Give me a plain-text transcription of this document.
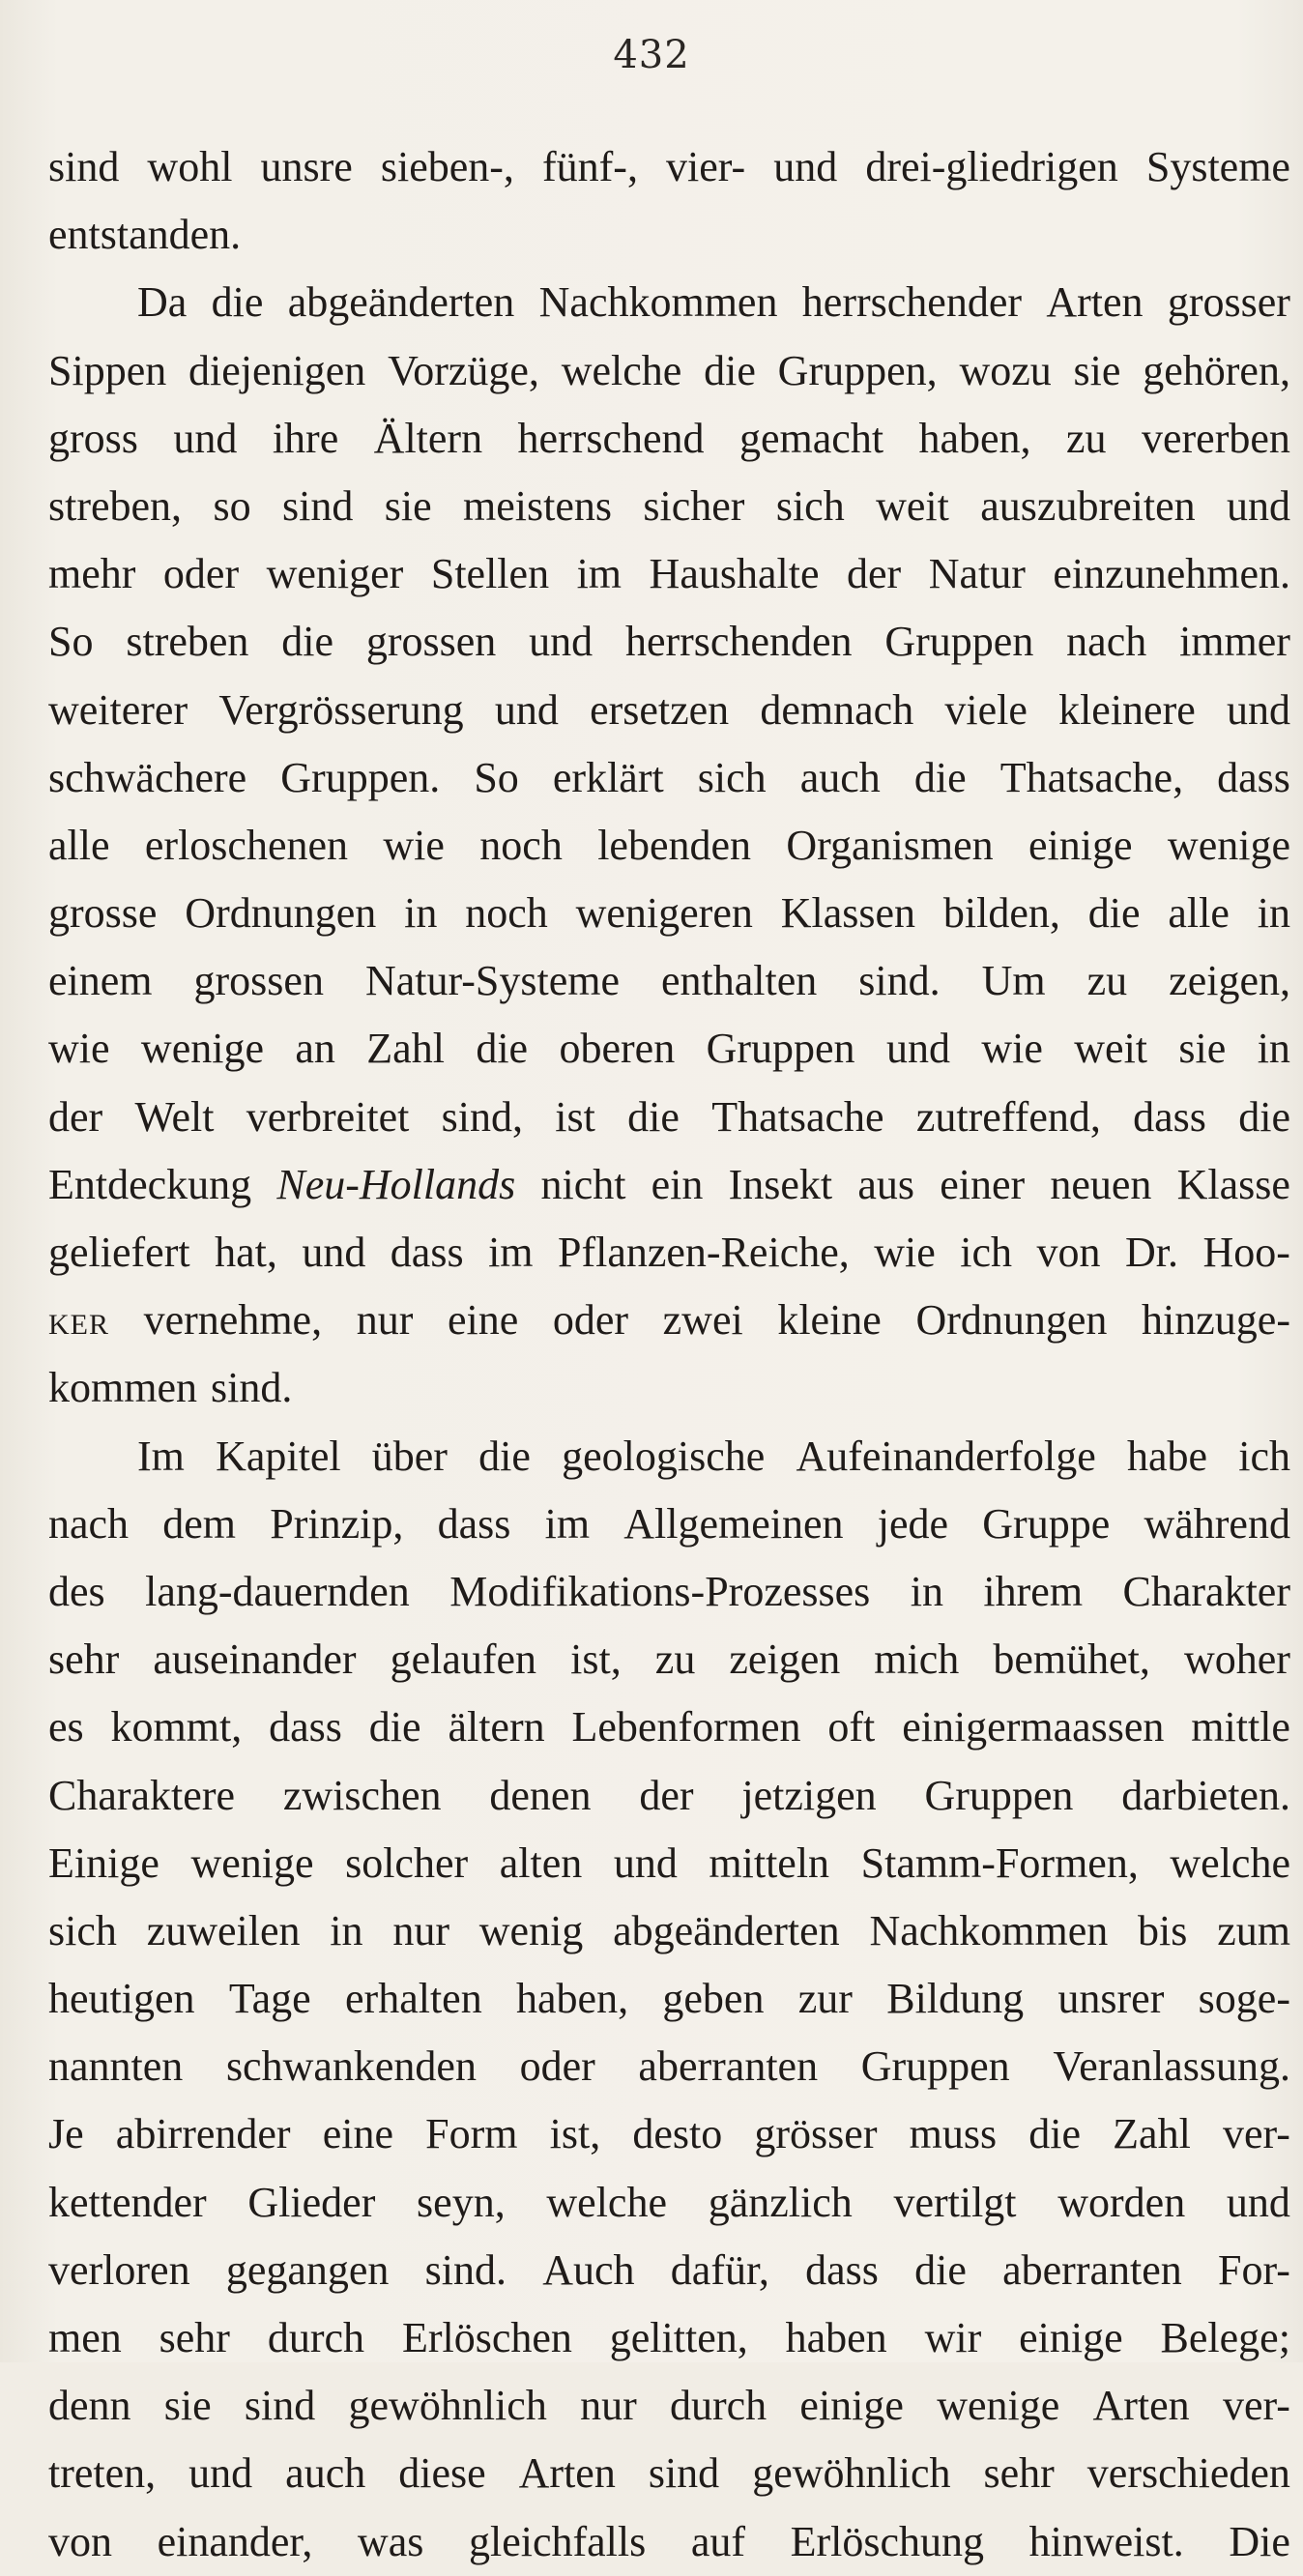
432
sind wohl unsre sieben-, fünf-, vier- und drei-gliedrigen Systeme
entstanden.
Da die abgeänderten Nachkommen herrschender Arten grosser
Sippen diejenigen Vorzüge, welche die Gruppen, wozu sie gehören,
gross und ihre Ältern herrschend gemacht haben, zu vererben
streben, so sind sie meistens sicher sich weit auszubreiten und
mehr oder weniger Stellen im Haushalte der Natur einzunehmen.
So streben die grossen und herrschenden Gruppen nach immer
weiterer Vergrösserung und ersetzen demnach viele kleinere und
schwächere Gruppen. So erklärt sich auch die Thatsache, dass
alle erloschenen wie noch lebenden Organismen einige wenige
grosse Ordnungen in noch wenigeren Klassen bilden, die alle in
einem grossen Natur-Systeme enthalten sind. Um zu zeigen,
wie wenige an Zahl die oberen Gruppen und wie weit sie in
der Welt verbreitet sind, ist die Thatsache zutreffend, dass die
Entdeckung Neu-Hollands nicht ein Insekt aus einer neuen Klasse
geliefert hat, und dass im Pflanzen-Reiche, wie ich von Dr. Hoo-
KER vernehme, nur eine oder zwei kleine Ordnungen hinzuge-
kommen sind.
Im Kapitel über die geologische Aufeinanderfolge habe ich
nach dem Prinzip, dass im Allgemeinen jede Gruppe während
des lang-dauernden Modifikations-Prozesses in ihrem Charakter
sehr auseinander gelaufen ist, zu zeigen mich bemühet, woher
es kommt, dass die ältern Lebenformen oft einigermaassen mittle
Charaktere zwischen denen der jetzigen Gruppen darbieten.
Einige wenige solcher alten und mitteln Stamm-Formen, welche
sich zuweilen in nur wenig abgeänderten Nachkommen bis zum
heutigen Tage erhalten haben, geben zur Bildung unsrer soge-
nannten schwankenden oder aberranten Gruppen Veranlassung.
Je abirrender eine Form ist, desto grösser muss die Zahl ver-
kettender Glieder seyn, welche gänzlich vertilgt worden und
verloren gegangen sind. Auch dafür, dass die aberranten For-
men sehr durch Erlöschen gelitten, haben wir einige Belege;
denn sie sind gewöhnlich nur durch einige wenige Arten ver-
treten, und auch diese Arten sind gewöhnlich sehr verschieden
von einander, was gleichfalls auf Erlöschung hinweist. Die
